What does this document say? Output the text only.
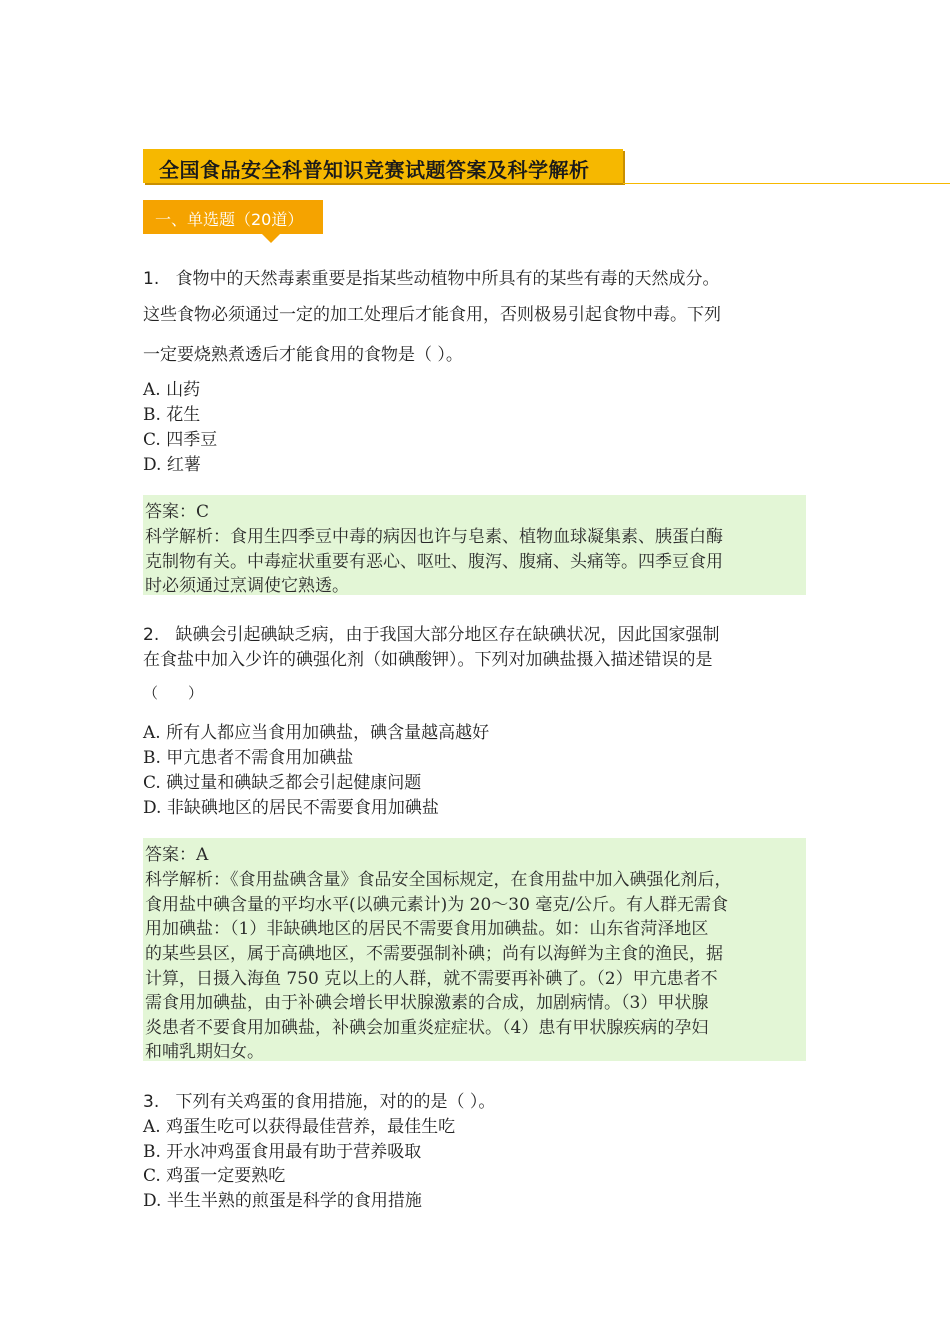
全国食品安全科普知识竞赛试题答案及科学解析
一、单选题（20道）
1. 食物中的天然毒素重要是指某些动植物中所具有的某些有毒的天然成分。
这些食物必须通过一定的加工处理后才能食用，否则极易引起食物中毒。下列
一定要烧熟煮透后才能食用的食物是（ ）。
A. 山药
B. 花生
C. 四季豆
D. 红薯
答案：C
科学解析：食用生四季豆中毒的病因也许与皂素、植物血球凝集素、胰蛋白酶
克制物有关。中毒症状重要有恶心、呕吐、腹泻、腹痛、头痛等。四季豆食用
时必须通过烹调使它熟透。
2. 缺碘会引起碘缺乏病，由于我国大部分地区存在缺碘状况，因此国家强制
在食盐中加入少许的碘强化剂（如碘酸钾）。下列对加碘盐摄入描述错误的是
（　　）
A. 所有人都应当食用加碘盐，碘含量越高越好
B. 甲亢患者不需食用加碘盐
C. 碘过量和碘缺乏都会引起健康问题
D. 非缺碘地区的居民不需要食用加碘盐
答案：A
科学解析：《食用盐碘含量》食品安全国标规定，在食用盐中加入碘强化剂后，
食用盐中碘含量的平均水平(以碘元素计)为 20～30 毫克/公斤。有人群无需食
用加碘盐：（1）非缺碘地区的居民不需要食用加碘盐。如：山东省菏泽地区
的某些县区，属于高碘地区，不需要强制补碘；尚有以海鲜为主食的渔民，据
计算，日摄入海鱼 750 克以上的人群，就不需要再补碘了。（2）甲亢患者不
需食用加碘盐，由于补碘会增长甲状腺激素的合成，加剧病情。（3）甲状腺
炎患者不要食用加碘盐，补碘会加重炎症症状。（4）患有甲状腺疾病的孕妇
和哺乳期妇女。
3. 下列有关鸡蛋的食用措施，对的的是（ ）。
A. 鸡蛋生吃可以获得最佳营养，最佳生吃
B. 开水冲鸡蛋食用最有助于营养吸取
C. 鸡蛋一定要熟吃
D. 半生半熟的煎蛋是科学的食用措施
